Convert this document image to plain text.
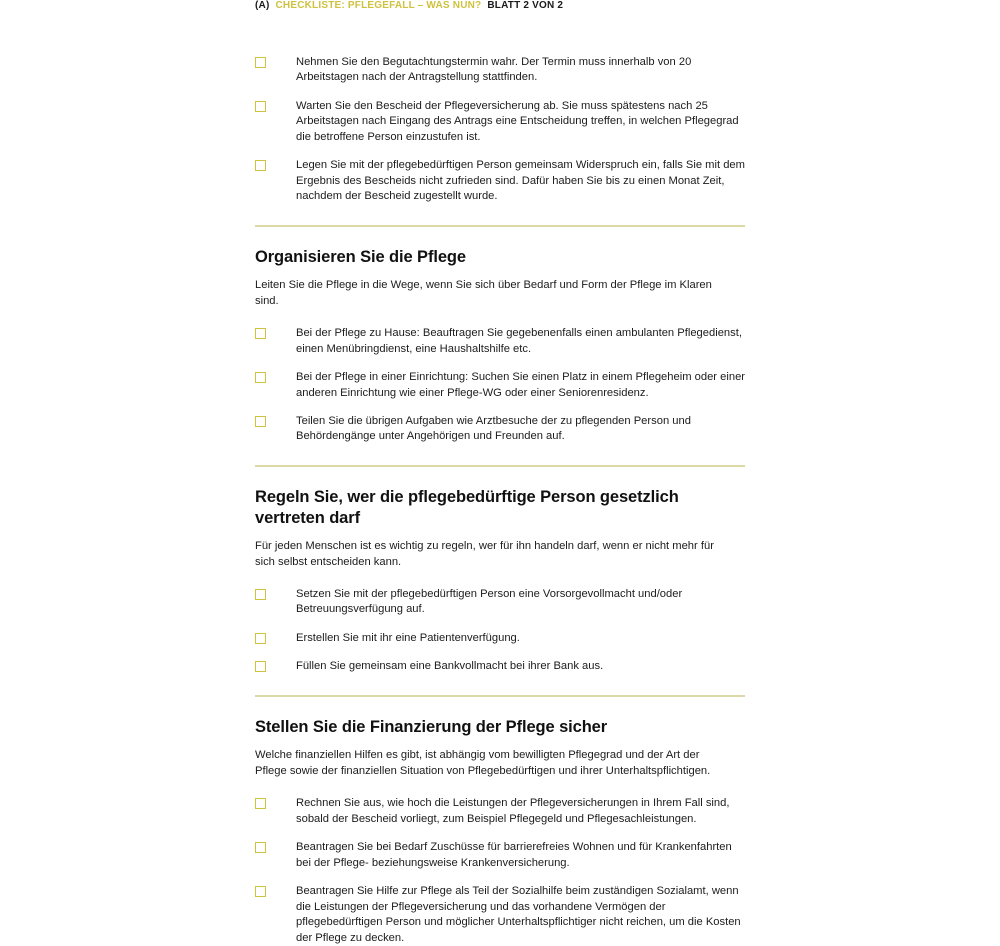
(A) CHECKLISTE: PFLEGEFALL – WAS NUN? BLATT 2 VON 2
Nehmen Sie den Begutachtungstermin wahr. Der Termin muss innerhalb von 20 Arbeitstagen nach der Antragstellung stattfinden.
Warten Sie den Bescheid der Pflegeversicherung ab. Sie muss spätestens nach 25 Arbeitstagen nach Eingang des Antrags eine Entscheidung treffen, in welchen Pflegegrad die betroffene Person einzustufen ist.
Legen Sie mit der pflegebedürftigen Person gemeinsam Widerspruch ein, falls Sie mit dem Ergebnis des Bescheids nicht zufrieden sind. Dafür haben Sie bis zu einen Monat Zeit, nachdem der Bescheid zugestellt wurde.
Organisieren Sie die Pflege

Leiten Sie die Pflege in die Wege, wenn Sie sich über Bedarf und Form der Pflege im Klaren sind.

Bei der Pflege zu Hause: Beauftragen Sie gegebenenfalls einen ambulanten Pflegedienst, einen Menübringdienst, eine Haushaltshilfe etc.
Bei der Pflege in einer Einrichtung: Suchen Sie einen Platz in einem Pflegeheim oder einer anderen Einrichtung wie einer Pflege-WG oder einer Seniorenresidenz.
Teilen Sie die übrigen Aufgaben wie Arztbesuche der zu pflegenden Person und Behördengänge unter Angehörigen und Freunden auf.
Regeln Sie, wer die pflegebedürftige Person gesetzlich vertreten darf

Für jeden Menschen ist es wichtig zu regeln, wer für ihn handeln darf, wenn er nicht mehr für sich selbst entscheiden kann.

Setzen Sie mit der pflegebedürftigen Person eine Vorsorgevollmacht und/oder Betreuungsverfügung auf.
Erstellen Sie mit ihr eine Patientenverfügung.
Füllen Sie gemeinsam eine Bankvollmacht bei ihrer Bank aus.
Stellen Sie die Finanzierung der Pflege sicher

Welche finanziellen Hilfen es gibt, ist abhängig vom bewilligten Pflegegrad und der Art der Pflege sowie der finanziellen Situation von Pflegebedürftigen und ihrer Unterhaltspflichtigen.

Rechnen Sie aus, wie hoch die Leistungen der Pflegeversicherungen in Ihrem Fall sind, sobald der Bescheid vorliegt, zum Beispiel Pflegegeld und Pflegesachleistungen.
Beantragen Sie bei Bedarf Zuschüsse für barrierefreies Wohnen und für Krankenfahrten bei der Pflege- beziehungsweise Krankenversicherung.
Beantragen Sie Hilfe zur Pflege als Teil der Sozialhilfe beim zuständigen Sozialamt, wenn die Leistungen der Pflegeversicherung und das vorhandene Vermögen der pflegebedürftigen Person und möglicher Unterhaltspflichtiger nicht reichen, um die Kosten der Pflege zu decken.
